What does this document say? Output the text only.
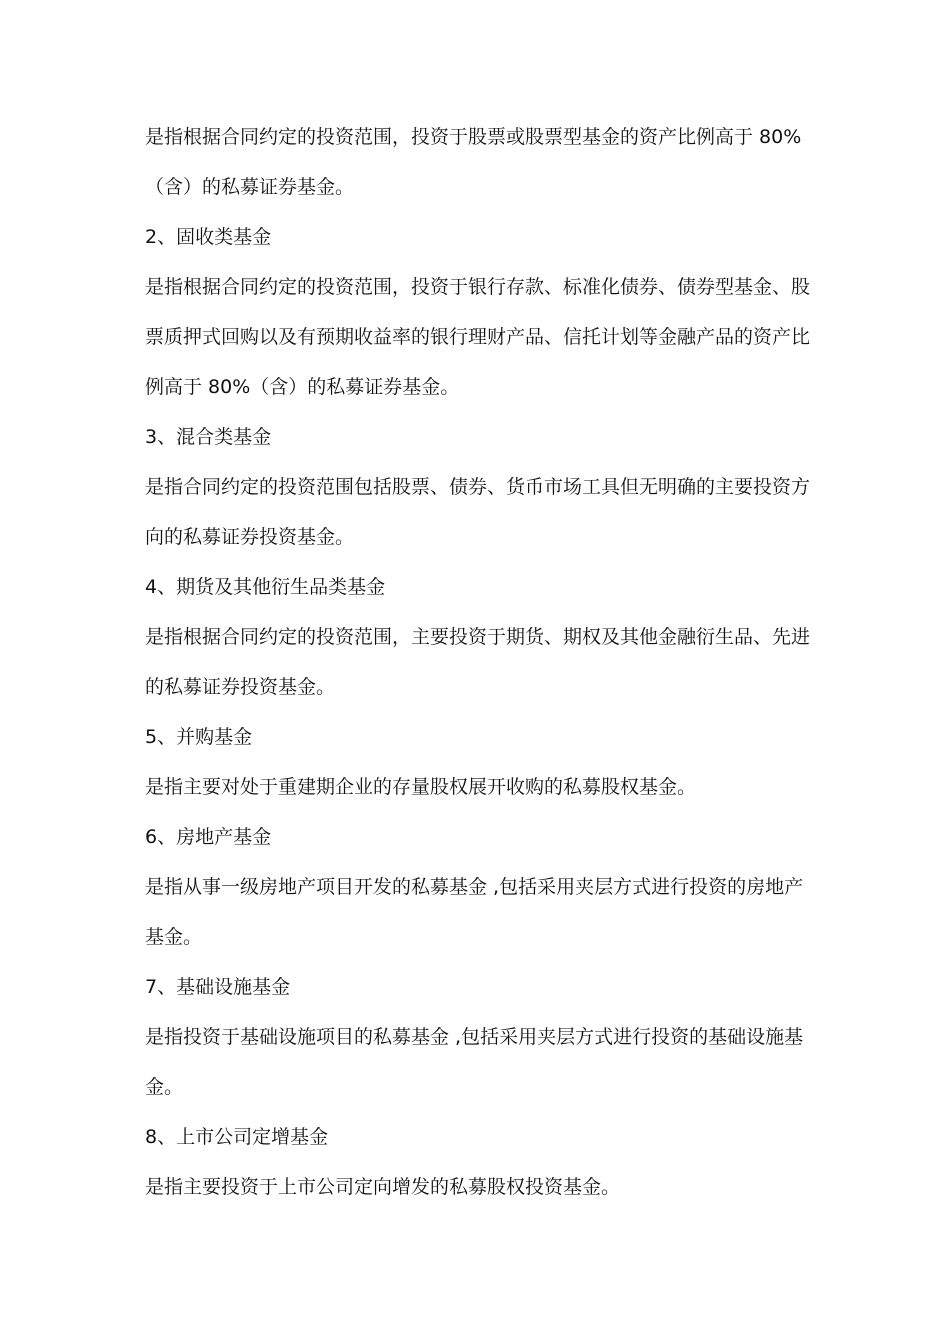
是指根据合同约定的投资范围，投资于股票或股票型基金的资产比例高于 80%
（含）的私募证券基金。
2、固收类基金
是指根据合同约定的投资范围，投资于银行存款、标准化债券、债券型基金、股
票质押式回购以及有预期收益率的银行理财产品、信托计划等金融产品的资产比
例高于 80%（含）的私募证券基金。
3、混合类基金
是指合同约定的投资范围包括股票、债券、货币市场工具但无明确的主要投资方
向的私募证券投资基金。
4、期货及其他衍生品类基金
是指根据合同约定的投资范围，主要投资于期货、期权及其他金融衍生品、先进
的私募证券投资基金。
5、并购基金
是指主要对处于重建期企业的存量股权展开收购的私募股权基金。
6、房地产基金
是指从事一级房地产项目开发的私募基金 ,包括采用夹层方式进行投资的房地产
基金。
7、基础设施基金
是指投资于基础设施项目的私募基金 ,包括采用夹层方式进行投资的基础设施基
金。
8、上市公司定增基金
是指主要投资于上市公司定向增发的私募股权投资基金。
